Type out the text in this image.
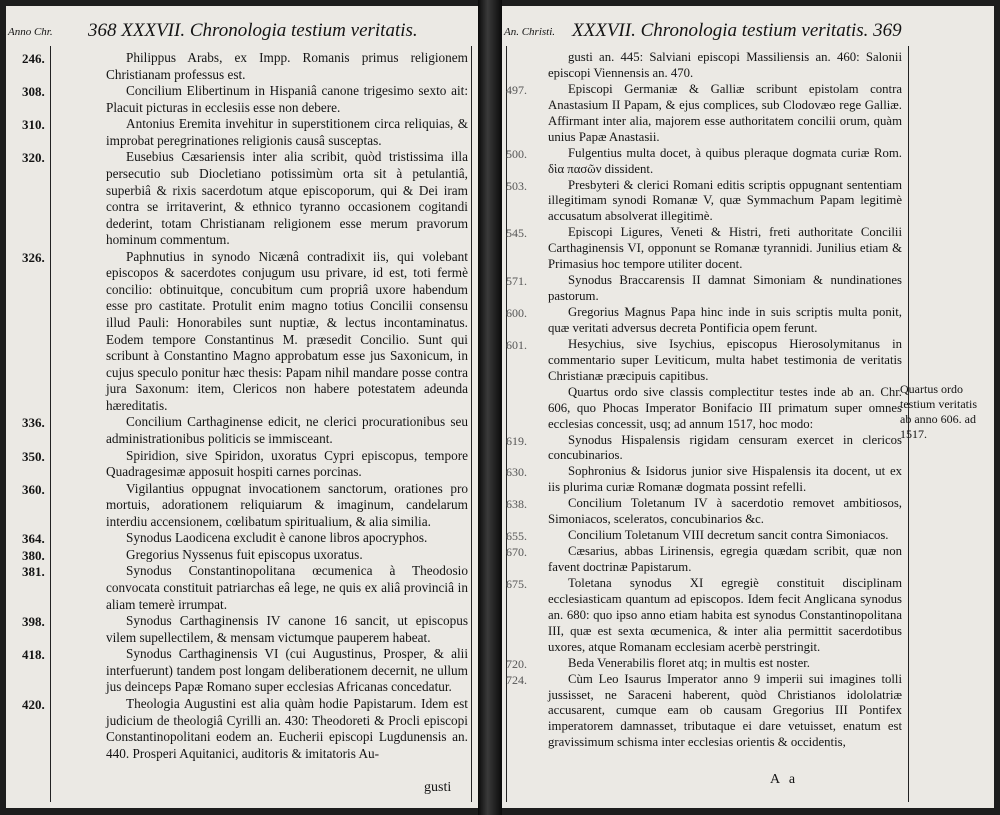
Anno Chr. 368 XXXVII. Chronologia testium veritatis.
246.	Philippus Arabs, ex Impp. Romanis primus religionem Christianam professus est.

308.	Concilium Elibertinum in Hispaniâ canone trigesimo sexto ait: Placuit picturas in ecclesiis esse non debere.

310.	Antonius Eremita invehitur in superstitionem circa reliquias, & improbat peregrinationes religionis causâ susceptas.

320.	Eusebius Cæsariensis inter alia scribit, quòd tristissima illa persecutio sub Diocletiano potissimùm orta sit à petulantiâ, superbiâ & rixis sacerdotum atque episcoporum, qui & Dei iram contra se irritaverint, & ethnico tyranno occasionem cogitandi dederint, totam Christianam religionem esse merum pravorum hominum commentum.

326.	Paphnutius in synodo Nicænâ contradixit iis, qui volebant episcopos & sacerdotes conjugum usu privare, id est, toti fermè concilio: obtinuitque, concubitum cum propriâ uxore habendum esse pro castitate. Protulit enim magno totius Concilii consensu illud Pauli: Honorabiles sunt nuptiæ, & lectus incontaminatus. Eodem tempore Constantinus M. præsedit Concilio. Sunt qui scribunt à Constantino Magno approbatum esse jus Saxonicum, in cujus speculo ponitur hæc thesis: Papam nihil mandare posse contra jura Saxonum: item, Clericos non habere potestatem adeunda hæreditatis.

336.	Concilium Carthaginense edicit, ne clerici procurationibus seu administrationibus politicis se immisceant.

350.	Spiridion, sive Spiridon, uxoratus Cypri episcopus, tempore Quadragesimæ apposuit hospiti carnes porcinas.

360.	Vigilantius oppugnat invocationem sanctorum, orationes pro mortuis, adorationem reliquiarum & imaginum, candelarum interdiu accensionem, cœlibatum spiritualium, & alia similia.

364.	Synodus Laodicena excludit è canone libros apocryphos.

380.	Gregorius Nyssenus fuit episcopus uxoratus.

381.	Synodus Constantinopolitana œcumenica à Theodosio convocata constituit patriarchas eâ lege, ne quis ex aliâ provinciâ in aliam temerè irrumpat.

398.	Synodus Carthaginensis IV canone 16 sancit, ut episcopus vilem supellectilem, & mensam victumque pauperem habeat.

418.	Synodus Carthaginensis VI (cui Augustinus, Prosper, & alii interfuerunt) tandem post longam deliberationem decernit, ne ullum jus deinceps Papæ Romano super ecclesias Africanas concedatur.

420.	Theologia Augustini est alia quàm hodie Papistarum. Idem est judicium de theologiâ Cyrilli an. 430: Theodoreti & Procli episcopi Constantinopolitani eodem an. Eucherii episcopi Lugdunensis an. 440. Prosperi Aquitanici, auditoris & imitatoris Au-

gusti
An. Christi. XXXVII. Chronologia testium veritatis. 369

gusti an. 445: Salviani episcopi Massiliensis an. 460: Salonii episcopi Viennensis an. 470.

497.	Episcopi Germaniæ & Galliæ scribunt epistolam contra Anastasium II Papam, & ejus complices, sub Clodovæo rege Galliæ. Affirmant inter alia, majorem esse authoritatem concilii orum, quàm unius Papæ Anastasii.

500.	Fulgentius multa docet, à quibus pleraque dogmata curiæ Rom. δὶα πασῶν dissident.

503.	Presbyteri & clerici Romani editis scriptis oppugnant sententiam illegitimam synodi Romanæ V, quæ Symmachum Papam legitimè accusatum absolverat illegitimè.

545.	Episcopi Ligures, Veneti & Histri, freti authoritate Concilii Carthaginensis VI, opponunt se Romanæ tyrannidi. Junilius etiam & Primasius hoc tempore utiliter docent.

571.	Synodus Braccarensis II damnat Simoniam & nundinationes pastorum.

600.	Gregorius Magnus Papa hinc inde in suis scriptis multa ponit, quæ veritati adversus decreta Pontificia opem ferunt.

601.	Hesychius, sive Isychius, episcopus Hierosolymitanus in commentario super Leviticum, multa habet testimonia de veritatis Christianæ præcipuis capitibus.

Quartus ordo sive classis complectitur testes inde ab an. Chr. 606, quo Phocas Imperator Bonifacio III primatum super omnes ecclesias concessit, usq; ad annum 1517, hoc modo:

619.	Synodus Hispalensis rigidam censuram exercet in clericos concubinarios.

630.	Sophronius & Isidorus junior sive Hispalensis ita docent, ut ex iis plurima curiæ Romanæ dogmata possint refelli.

638.	Concilium Toletanum IV à sacerdotio removet ambitiosos, Simoniacos, sceleratos, concubinarios &c.

655.	Concilium Toletanum VIII decretum sancit contra Simoniacos.

670.	Cæsarius, abbas Lirinensis, egregia quædam scribit, quæ non favent doctrinæ Papistarum.

675.	Toletana synodus XI egregiè constituit disciplinam ecclesiasticam quantum ad episcopos. Idem fecit Anglicana synodus an. 680: quo ipso anno etiam habita est synodus Constantinopolitana III, quæ est sexta œcumenica, & inter alia permittit sacerdotibus uxores, atque Romanam ecclesiam acerbè perstringit.

720.	Beda Venerabilis floret atq; in multis est noster.

724.	Cùm Leo Isaurus Imperator anno 9 imperii sui imagines tolli jussisset, ne Saraceni haberent, quòd Christianos idololatriæ accusarent, cumque eam ob causam Gregorius III Pontifex imperatorem damnasset, tributaque ei dare vetuisset, enatum est gravissimum schisma inter ecclesias orientis & occidentis,

Quartus ordo testium veritatis ab anno 606. ad 1517.
A a
